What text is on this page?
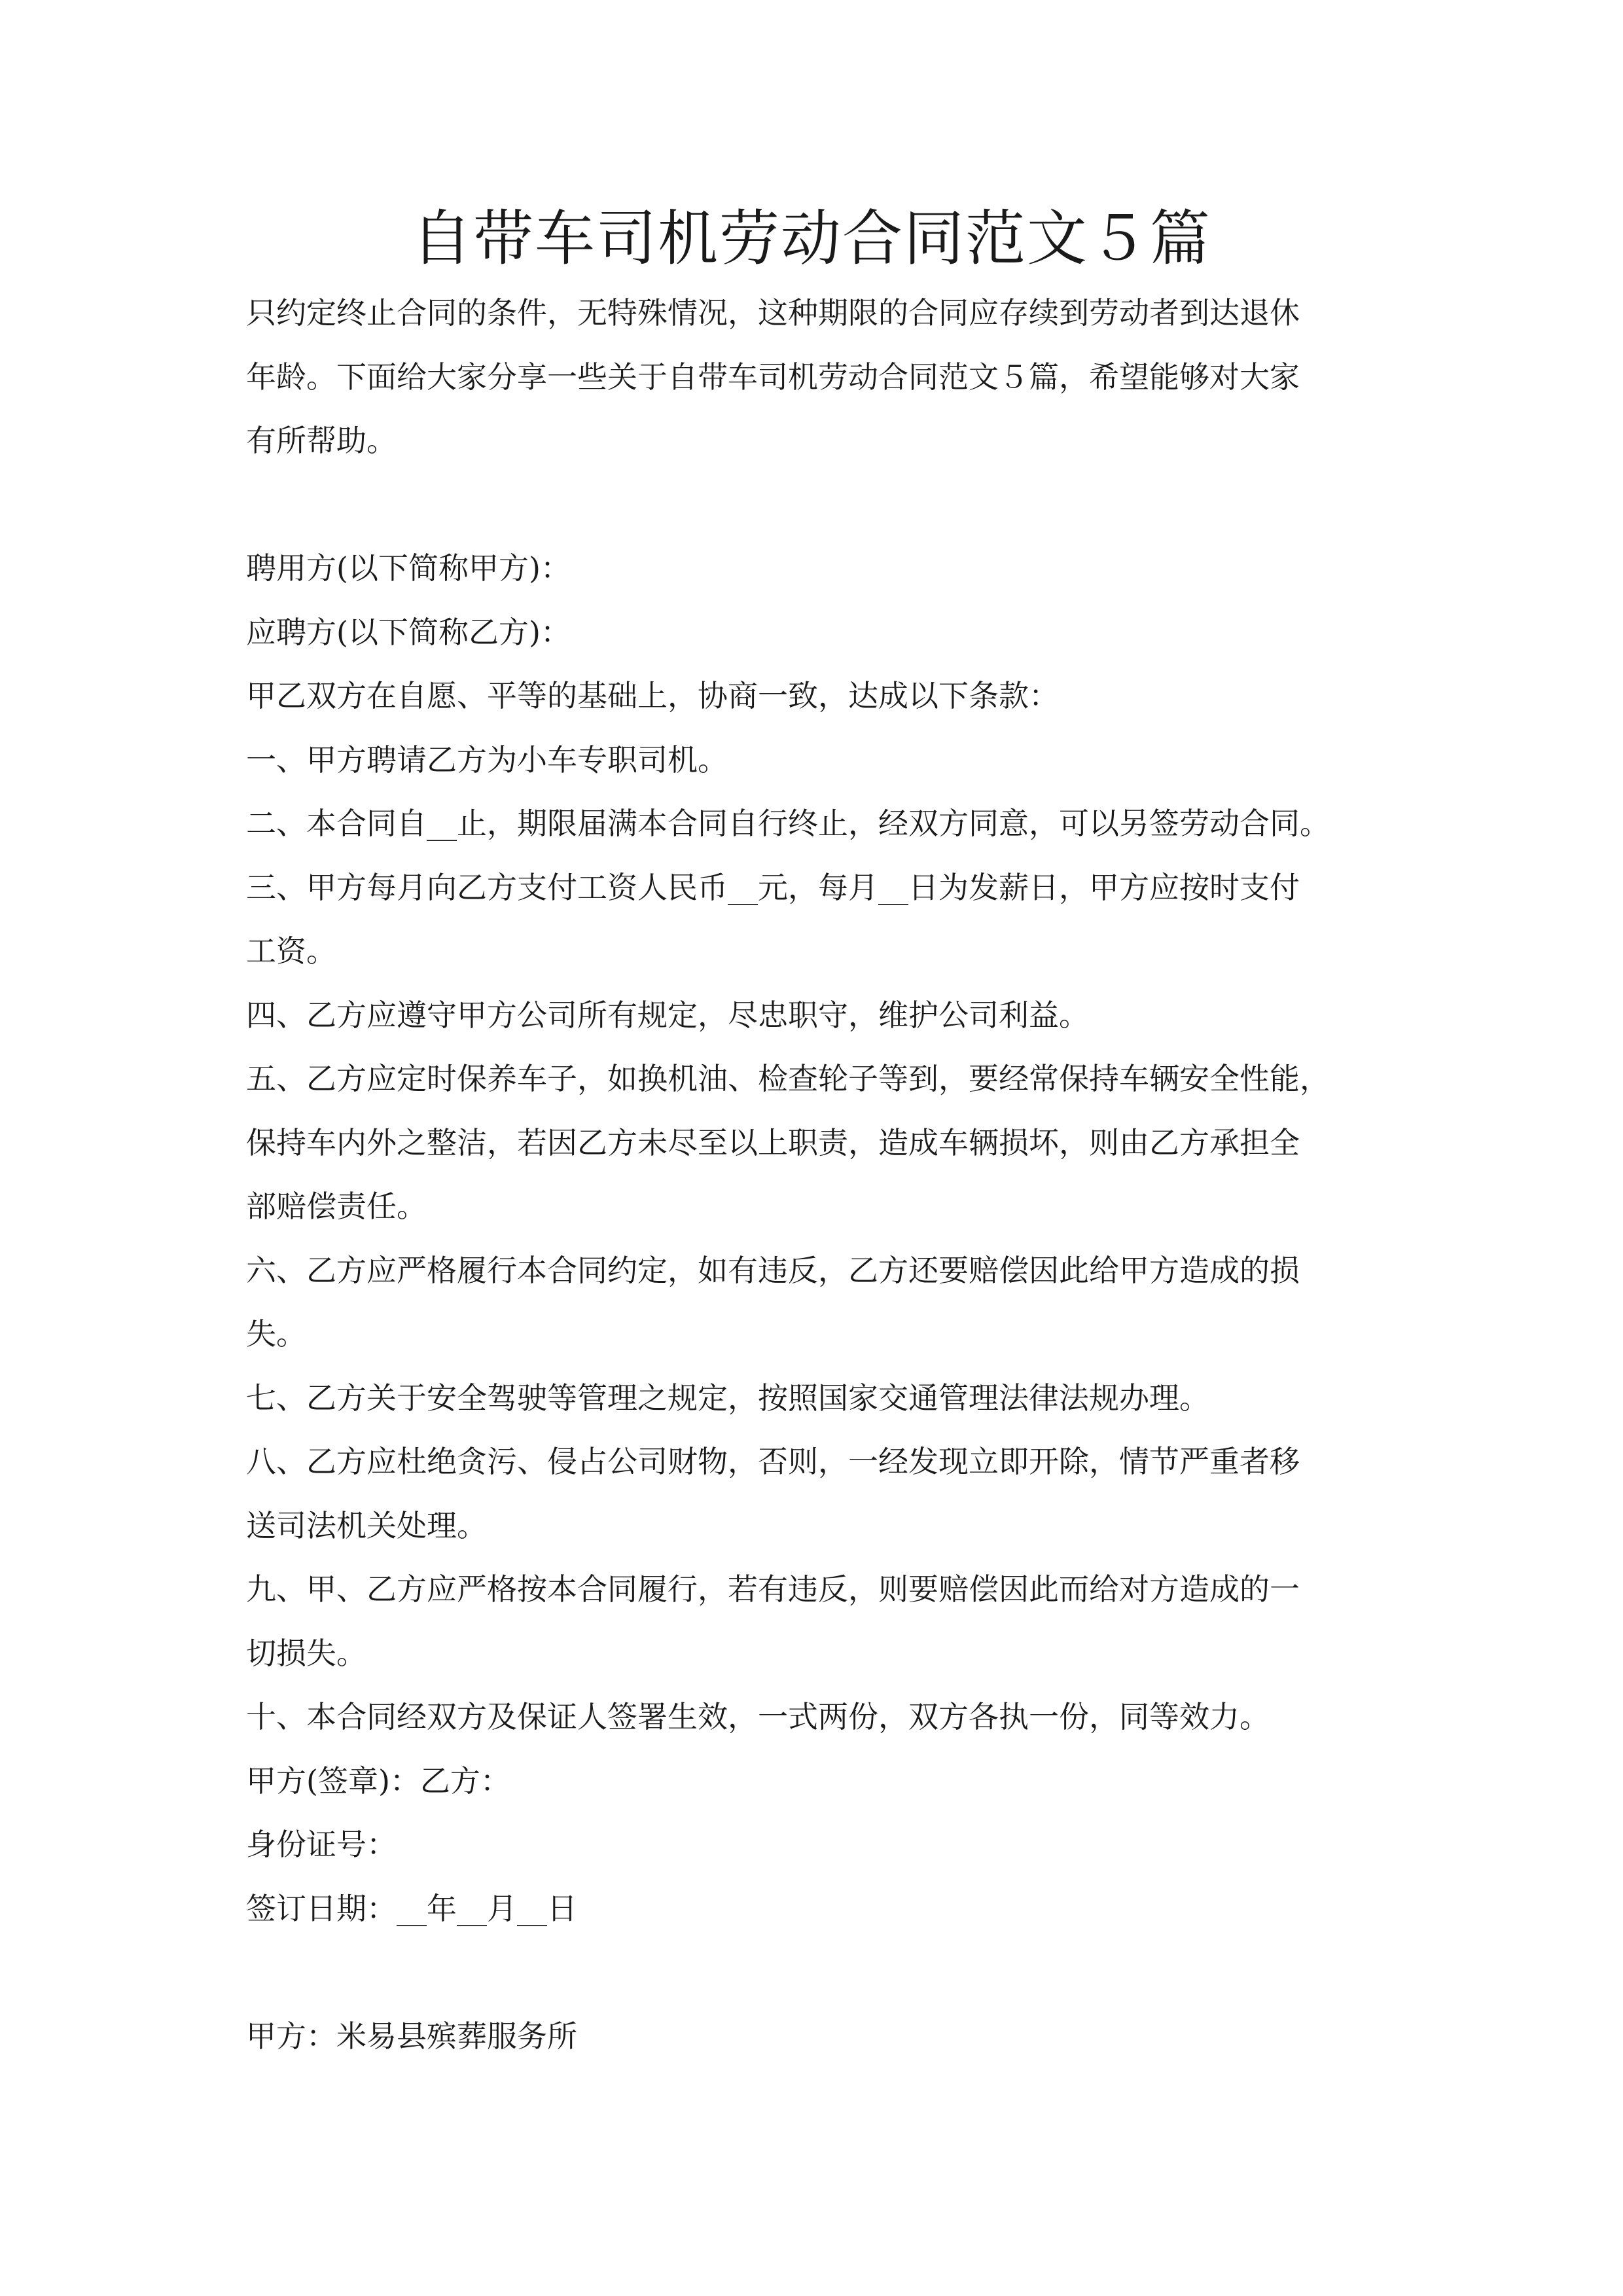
自带车司机劳动合同范文５篇

只约定终止合同的条件，无特殊情况，这种期限的合同应存续到劳动者到达退休

年龄。下面给大家分享一些关于自带车司机劳动合同范文５篇，希望能够对大家

有所帮助。

聘用方(以下简称甲方)：

应聘方(以下简称乙方)：

甲乙双方在自愿、平等的基础上，协商一致，达成以下条款：

一、甲方聘请乙方为小车专职司机。

二、本合同自__止，期限届满本合同自行终止，经双方同意，可以另签劳动合同。

三、甲方每月向乙方支付工资人民币__元，每月__日为发薪日，甲方应按时支付

工资。

四、乙方应遵守甲方公司所有规定，尽忠职守，维护公司利益。

五、乙方应定时保养车子，如换机油、检查轮子等到，要经常保持车辆安全性能，

保持车内外之整洁，若因乙方未尽至以上职责，造成车辆损坏，则由乙方承担全

部赔偿责任。

六、乙方应严格履行本合同约定，如有违反，乙方还要赔偿因此给甲方造成的损

失。

七、乙方关于安全驾驶等管理之规定，按照国家交通管理法律法规办理。

八、乙方应杜绝贪污、侵占公司财物，否则，一经发现立即开除，情节严重者移

送司法机关处理。

九、甲、乙方应严格按本合同履行，若有违反，则要赔偿因此而给对方造成的一

切损失。

十、本合同经双方及保证人签署生效，一式两份，双方各执一份，同等效力。

甲方(签章)：乙方：

身份证号：

签订日期：__年__月__日

甲方：米易县殡葬服务所
